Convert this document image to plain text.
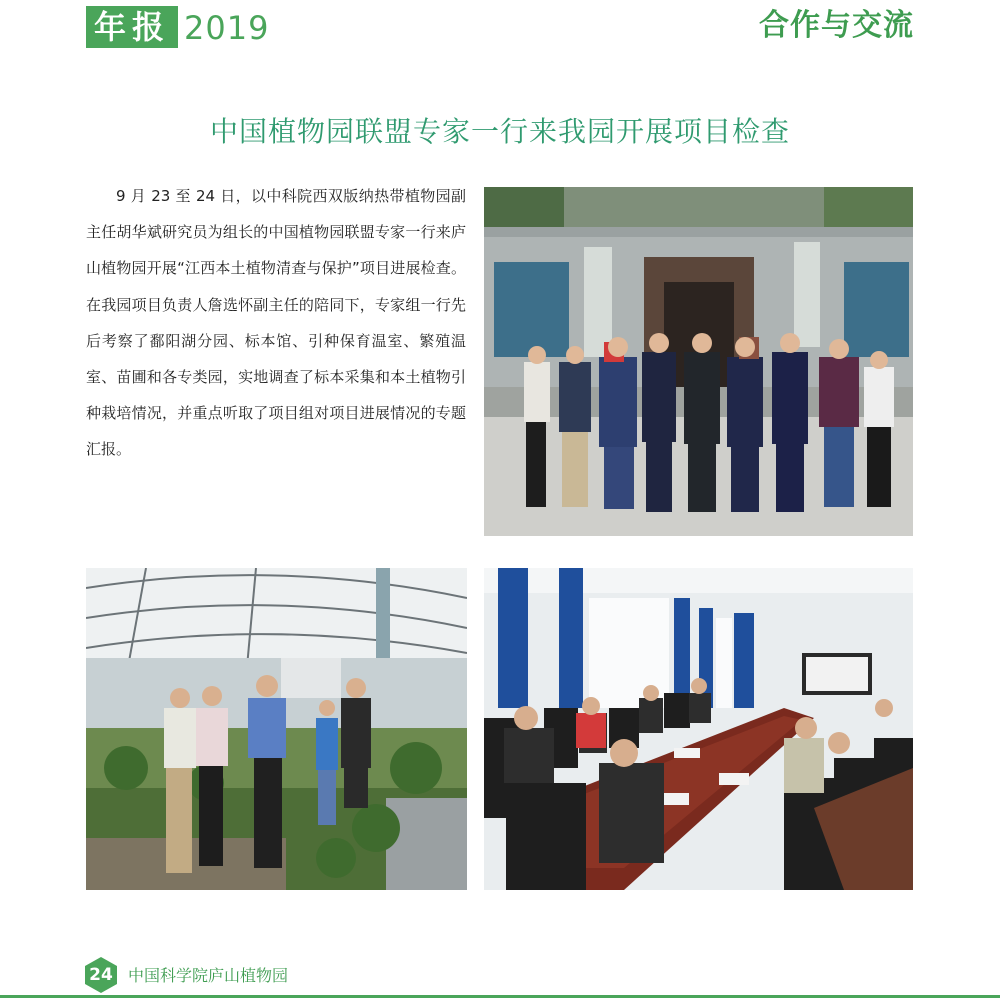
年报 2019	合作与交流
中国植物园联盟专家一行来我园开展项目检查

9 月 23 至 24 日，以中科院西双版纳热带植物园副主任胡华斌研究员为组长的中国植物园联盟专家一行来庐山植物园开展“江西本土植物清查与保护”项目进展检查。在我园项目负责人詹选怀副主任的陪同下，专家组一行先后考察了鄱阳湖分园、标本馆、引种保育温室、繁殖温室、苗圃和各专类园，实地调查了标本采集和本土植物引种栽培情况，并重点听取了项目组对项目进展情况的专题汇报。

24 中国科学院庐山植物园
